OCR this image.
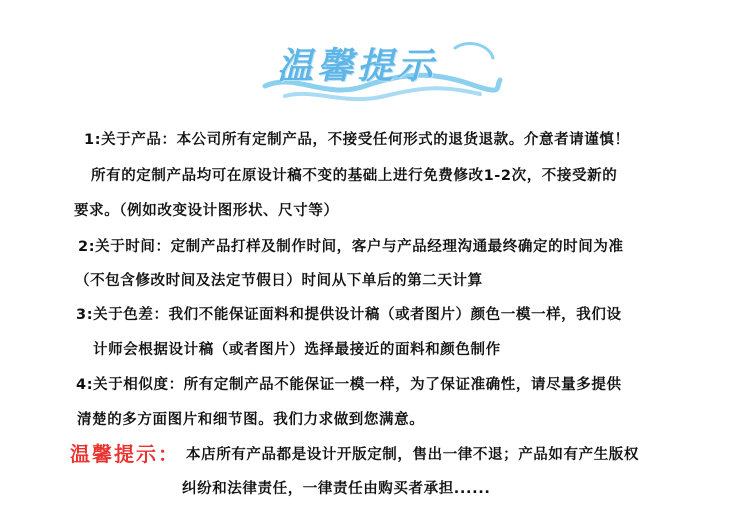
温馨提示
1:关于产品：本公司所有定制产品，不接受任何形式的退货退款。介意者请谨慎！
所有的定制产品均可在原设计稿不变的基础上进行免费修改1-2次，不接受新的
要求。（例如改变设计图形状、尺寸等）
2:关于时间：定制产品打样及制作时间，客户与产品经理沟通最终确定的时间为准
（不包含修改时间及法定节假日）时间从下单后的第二天计算
3:关于色差：我们不能保证面料和提供设计稿（或者图片）颜色一模一样，我们设
计师会根据设计稿（或者图片）选择最接近的面料和颜色制作
4:关于相似度：所有定制产品不能保证一模一样，为了保证准确性，请尽量多提供
清楚的多方面图片和细节图。我们力求做到您满意。
温馨提示： 本店所有产品都是设计开版定制，售出一律不退；产品如有产生版权
纠纷和法律责任，一律责任由购买者承担......
